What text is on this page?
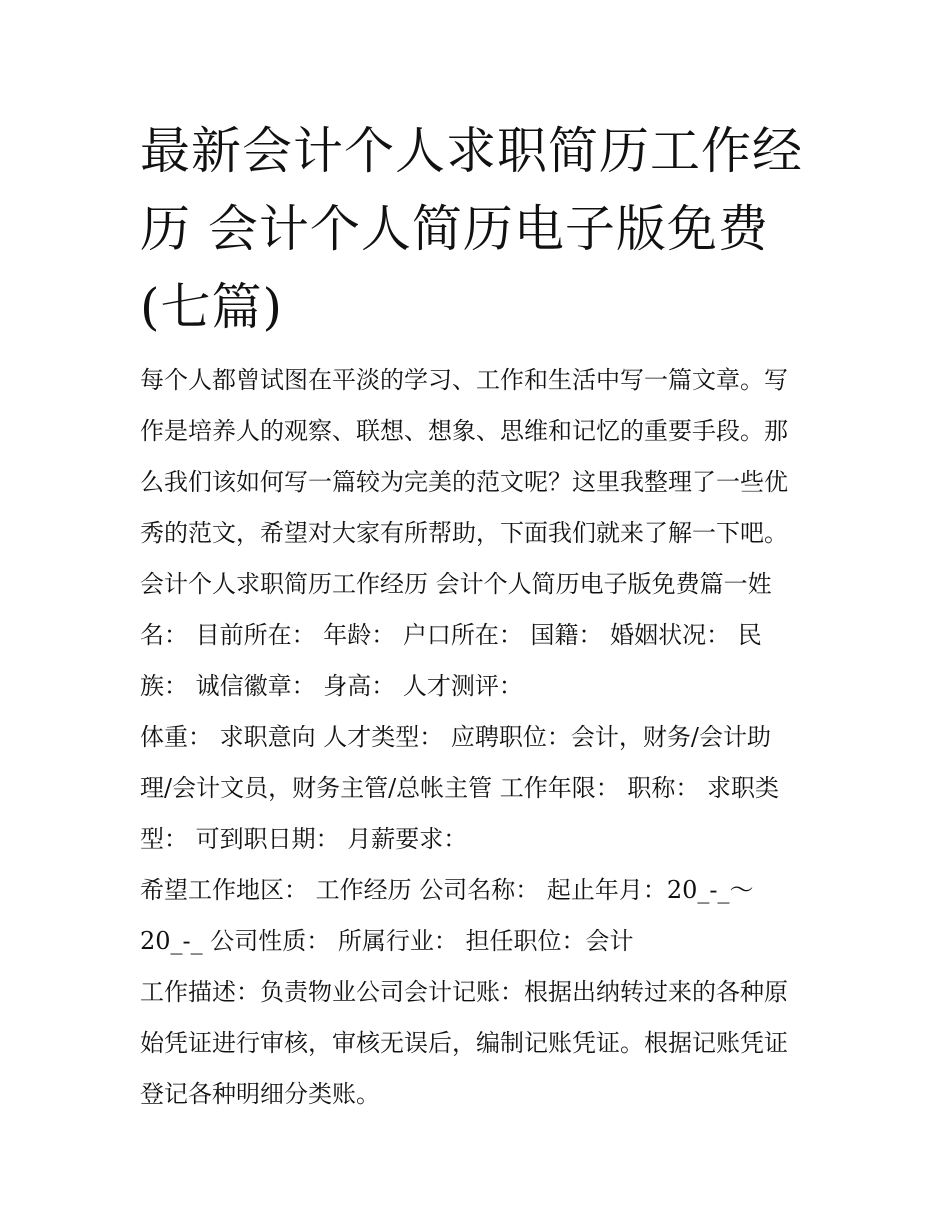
最新会计个人求职简历工作经
历 会计个人简历电子版免费
(七篇)
每个人都曾试图在平淡的学习、工作和生活中写一篇文章。写
作是培养人的观察、联想、想象、思维和记忆的重要手段。那
么我们该如何写一篇较为完美的范文呢？这里我整理了一些优
秀的范文，希望对大家有所帮助，下面我们就来了解一下吧。
会计个人求职简历工作经历 会计个人简历电子版免费篇一姓
名： 目前所在： 年龄： 户口所在： 国籍： 婚姻状况： 民
族： 诚信徽章： 身高： 人才测评：
体重： 求职意向 人才类型： 应聘职位：会计，财务/会计助
理/会计文员，财务主管/总帐主管 工作年限： 职称： 求职类
型： 可到职日期： 月薪要求：
希望工作地区： 工作经历 公司名称： 起止年月：20_-_～
20_-_ 公司性质： 所属行业： 担任职位：会计
工作描述：负责物业公司会计记账：根据出纳转过来的各种原
始凭证进行审核，审核无误后，编制记账凭证。根据记账凭证
登记各种明细分类账。
